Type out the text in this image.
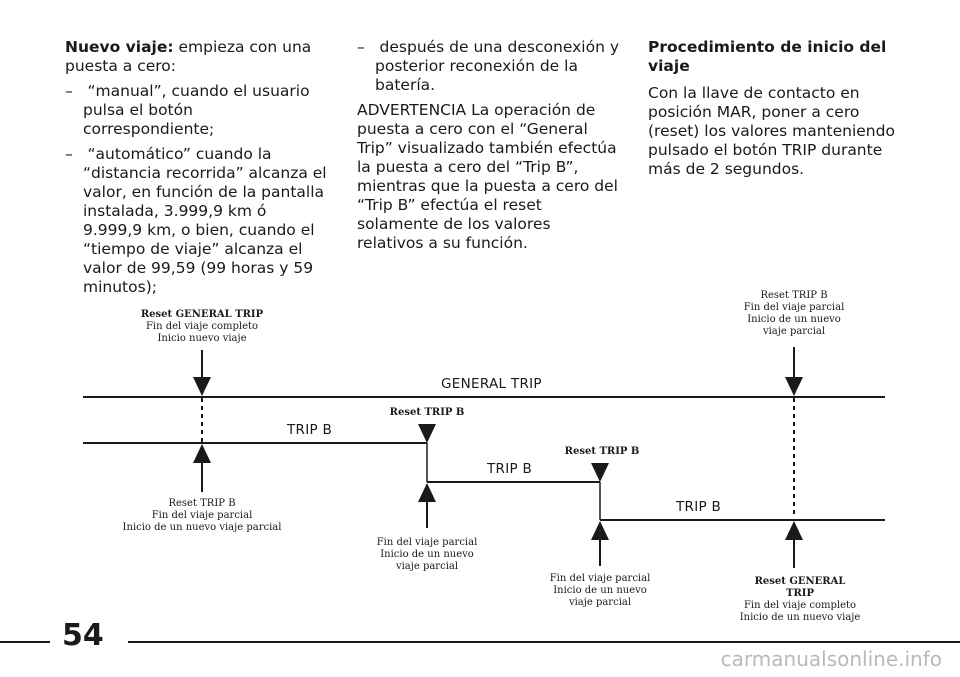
Nuevo viaje: empieza con una puesta a cero:

–   “manual”, cuando el usuario pulsa el botón correspondiente;

–   “automático” cuando la “distancia recorrida” alcanza el valor, en función de la pantalla instalada, 3.999,9 km ó 9.999,9 km, o bien, cuando el “tiempo de viaje” alcanza el valor de 99,59 (99 horas y 59 minutos);

–   después de una desconexión y posterior reconexión de la batería.

ADVERTENCIA La operación de puesta a cero con el “General Trip” visualizado también efectúa la puesta a cero del “Trip B”, mientras que la puesta a cero del “Trip B” efectúa el reset solamente de los valores relativos a su función.

Procedimiento de inicio del viaje

Con la llave de contacto en posición MAR, poner a cero (reset) los valores manteniendo pulsado el botón TRIP durante más de 2 segundos.

GENERAL TRIP
TRIP B
TRIP B
TRIP B
Reset GENERAL TRIP
Fin del viaje completo
Inicio nuevo viaje
Reset TRIP B
Fin del viaje parcial
Inicio de un nuevo
viaje parcial
Reset TRIP B
Reset TRIP B
Reset TRIP B
Fin del viaje parcial
Inicio de un nuevo viaje parcial
Fin del viaje parcial
Inicio de un nuevo
viaje parcial
Fin del viaje parcial
Inicio de un nuevo
viaje parcial
Reset GENERAL
TRIP
Fin del viaje completo
Inicio de un nuevo viaje
54
carmanualsonline.info
